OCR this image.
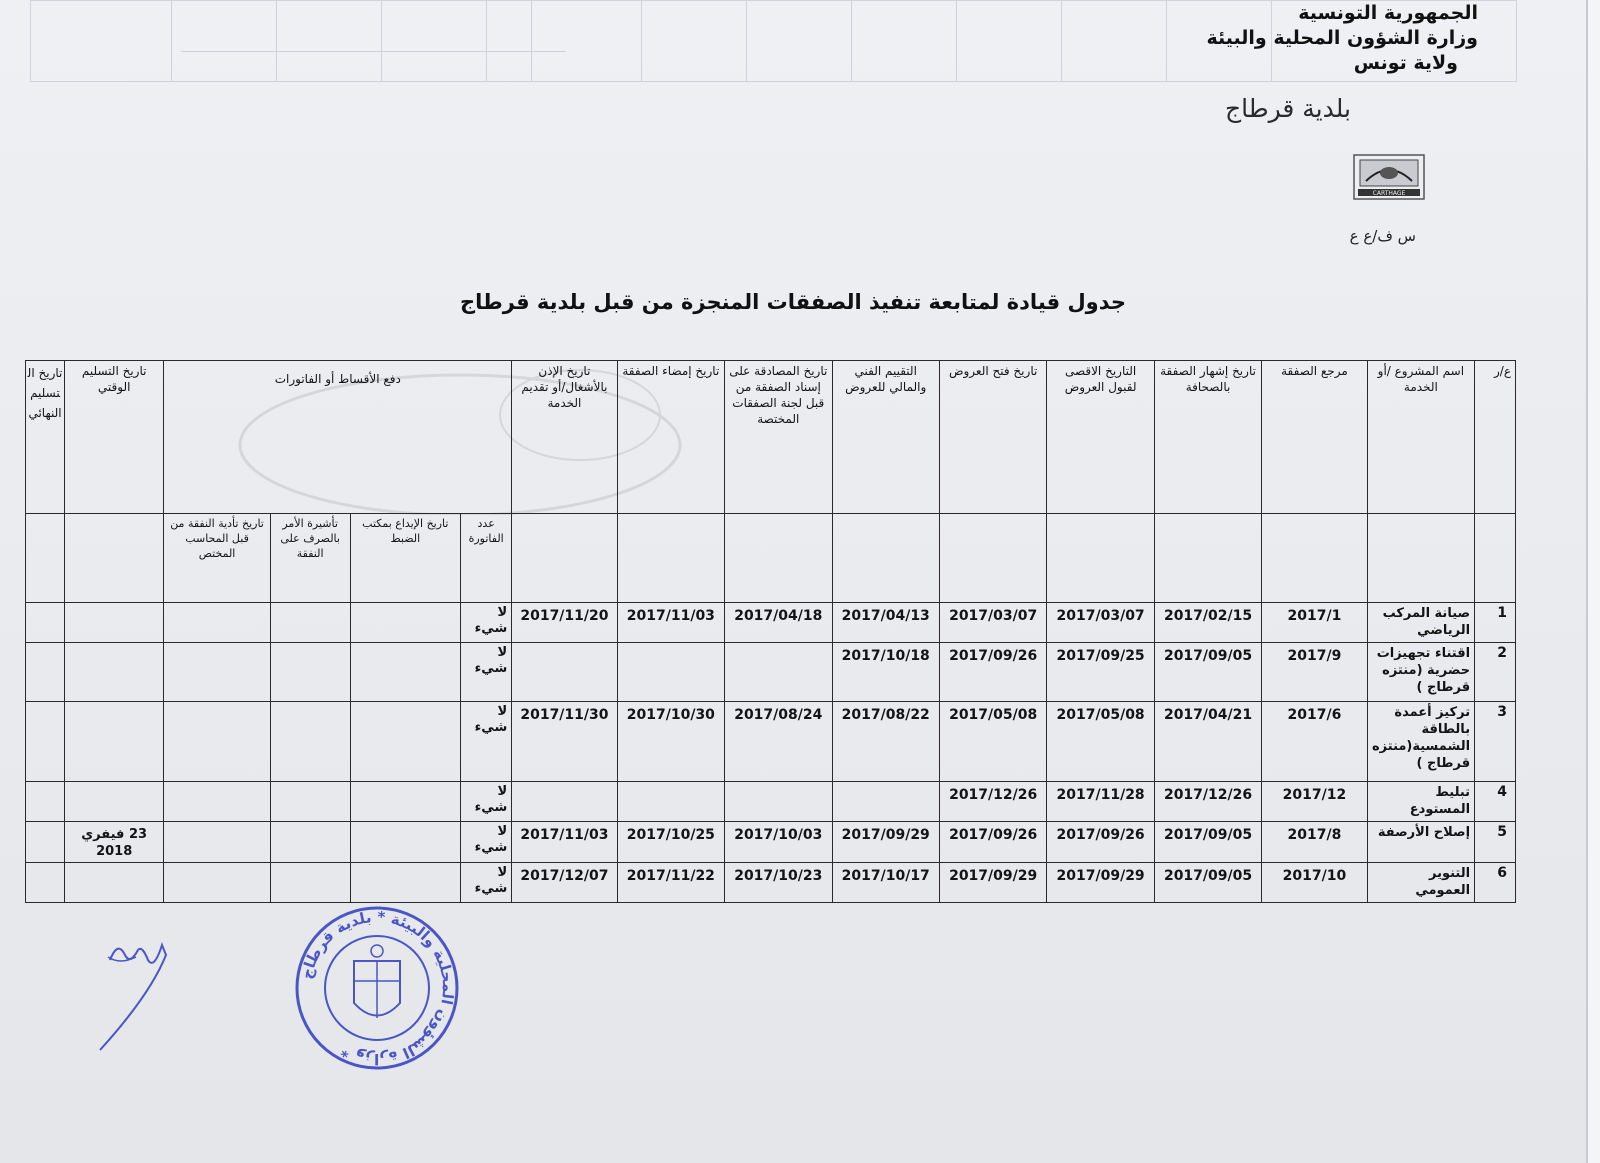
الجمهورية التونسية
وزارة الشؤون المحلية والبيئة
ولاية تونس
بلدية قرطاج
CARTHAGE
س ف/ع ع
جدول قيادة لمتابعة تنفيذ الصفقات المنجزة من قبل بلدية قرطاج
ع/ر	اسم المشروع /أو الخدمة	مرجع الصفقة	تاريخ إشهار الصفقة بالصحافة	التاريخ الاقصى لقبول العروض	تاريخ فتح العروض	التقييم الفني والمالي للعروض	تاريخ المصادقة على إسناد الصفقة من قبل لجنة الصفقات المختصة	تاريخ إمضاء الصفقة	تاريخ الإذن بالأشغال/أو تقديم الخدمة	دفع الأقساط أو الفاتورات				تاريخ التسليم الوقتي	تاريخ التسليم النهائي
										عدد الفاتورة	تاريخ الإيداع بمكتب الضبط	تأشيرة الأمر بالصرف على النفقة	تاريخ تأدية النفقة من قبل المحاسب المختص		
1	صيانة المركب الرياضي	2017/1	2017/02/15	2017/03/07	2017/03/07	2017/04/13	2017/04/18	2017/11/03	2017/11/20	لا شيء					
2	اقتناء تجهيزات حضرية (منتزه قرطاج )	2017/9	2017/09/05	2017/09/25	2017/09/26	2017/10/18				لا شيء					
3	تركيز أعمدة بالطاقة الشمسية(منتزه قرطاج )	2017/6	2017/04/21	2017/05/08	2017/05/08	2017/08/22	2017/08/24	2017/10/30	2017/11/30	لا شيء					
4	تبليط المستودع	2017/12	2017/12/26	2017/11/28	2017/12/26					لا شيء					
5	إصلاح الأرصفة	2017/8	2017/09/05	2017/09/26	2017/09/26	2017/09/29	2017/10/03	2017/10/25	2017/11/03	لا شيء				23 فيفري 2018	
6	التنوير العمومي	2017/10	2017/09/05	2017/09/29	2017/09/29	2017/10/17	2017/10/23	2017/11/22	2017/12/07	لا شيء					
وزارة الشؤون المحلية والبيئة * بلدية قرطاج *
